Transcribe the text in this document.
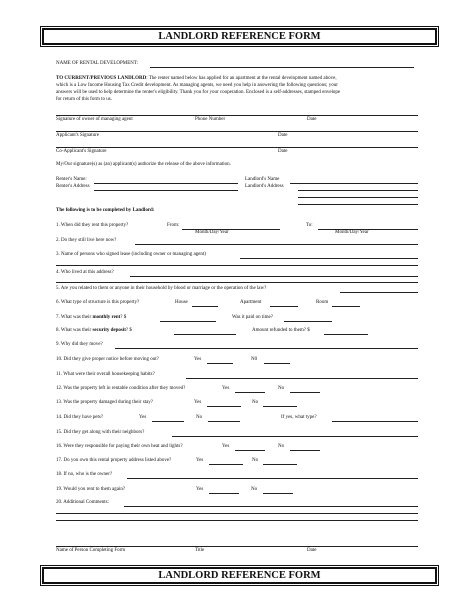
LANDLORD REFERENCE FORM
NAME OF RENTAL DEVELOPMENT:
TO CURRENT/PREVIOUS LANDLORD: The renter named below has applied for an apartment at the rental development named above,
which is a Low Income Housing Tax Credit development. As managing agents, we need you help in answering the following questions; your
answers will be used to help determine the renter's eligibility. Thank you for your cooperation. Enclosed is a self-addresses, stamped envelope
for return of this form to us.
Signature of owner of managing agent	Phone Number	Date
Applicant's Signature	Date
Co-Applicant's Signature	Date
My/Our signature(s) as (an) applicant(s) authorize the release of the above information.
Renter's Name:	Landlord's Name
Renter's Address	Landlord's Address
The following is to be completed by Landlord:
1. When did they rent this property?	From:	To:
Month/Day/Year	Month/Day/Year
2. Do they still live here now?
3. Name of persons who signed lease (including owner or managing agent)
4. Who lived at this address?
5. Are you related to them or anyone in their household by blood or marriage or the operation of the law?
6. What type of structure is this property?	House	Apartment	Room
7. What was their monthly rent? $	Was it paid on time?
8. What was their security deposit? $	Amount refunded to them? $
9. Why did they move?
10. Did they give proper notice before moving out?	Yes	N0
11. What were their overall housekeeping habits?
12. Was the property left in rentable condition after they moved?	Yes	No
13. Was the property damaged during their stay?	Yes	No
14. Did they have pets?	Yes	No	If yes, what type?
15. Did they get along with their neighbors?
16. Were they responsible for paying their own heat and lights?	Yes	No
17. Do you own this rental property address listed above?	Yes	No
18. If no, who is the owner?
19. Would you rent to them again?	Yes	No
20. Additional Comments:
Name of Person Completing Form	Title	Date
LANDLORD REFERENCE FORM
